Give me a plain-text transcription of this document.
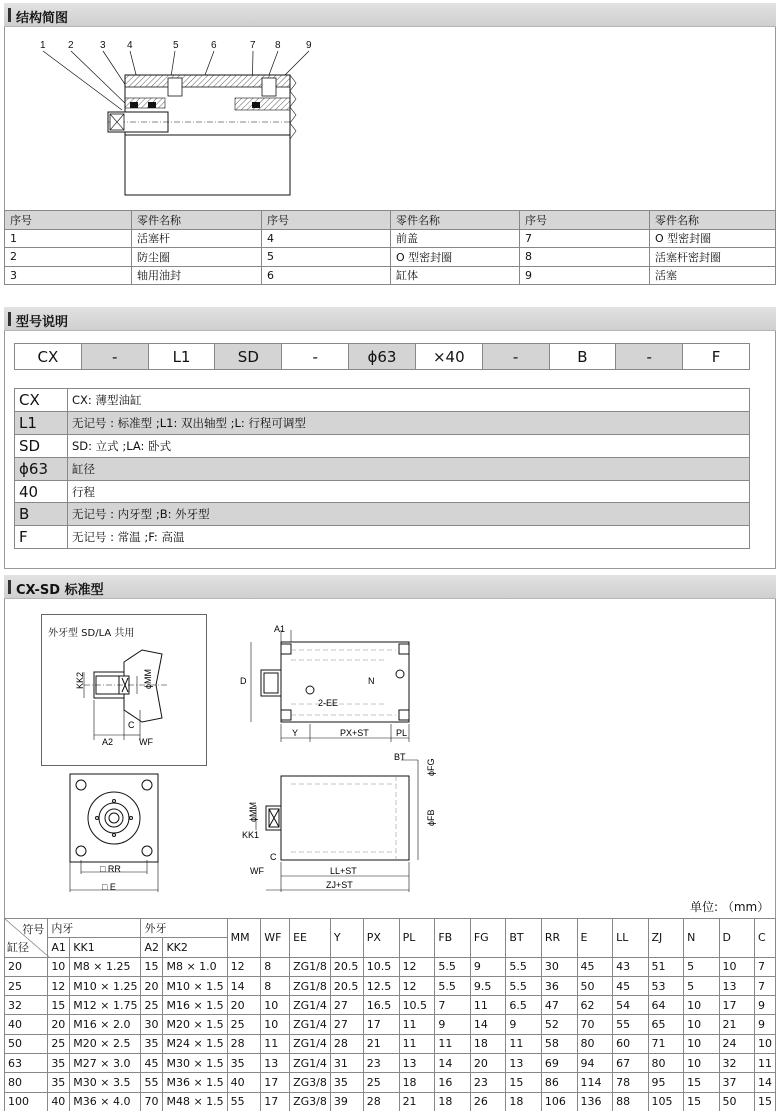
结构简图
1 2	3 4	5	6	7 8	9
序号	零件名称	序号	零件名称	序号	零件名称
1	活塞杆	4	前盖	7	O 型密封圈
2	防尘圈	5	O 型密封圈	8	活塞杆密封圈
3	轴用油封	6	缸体	9	活塞
型号说明
CX	-	L1	SD	-	ϕ63	×40	-	B	-	F
CX	CX: 薄型油缸
L1	无记号 : 标准型 ;L1: 双出轴型 ;L: 行程可调型
SD	SD: 立式 ;LA: 卧式
ϕ63	缸径
40	行程
B	无记号 : 内牙型 ;B: 外牙型
F	无记号 : 常温 ;F: 高温
CX-SD 标准型
外牙型 SD/LA 共用
KK2	ϕMM
C
A2	WF
□ RR
□ E
A1
D	N
2-EE
Y	PX+ST	PL
BT
ϕFG
ϕFB
ϕMM
KK1
C
WF	LL+ST
ZJ+ST
单位: （mm）
符号
缸径	内牙		外牙		MM	WF	EE	Y	PX	PL	FB	FG	BT	RR	E	LL	ZJ	N	D	C
	A1	KK1	A2	KK2																
20	10	M8 × 1.25	15	M8 × 1.0	12	8	ZG1/8	20.5	10.5	12	5.5	9	5.5	30	45	43	51	5	10	7
25	12	M10 × 1.25	20	M10 × 1.5	14	8	ZG1/8	20.5	12.5	12	5.5	9.5	5.5	36	50	45	53	5	13	7
32	15	M12 × 1.75	25	M16 × 1.5	20	10	ZG1/4	27	16.5	10.5	7	11	6.5	47	62	54	64	10	17	9
40	20	M16 × 2.0	30	M20 × 1.5	25	10	ZG1/4	27	17	11	9	14	9	52	70	55	65	10	21	9
50	25	M20 × 2.5	35	M24 × 1.5	28	11	ZG1/4	28	21	11	11	18	11	58	80	60	71	10	24	10
63	35	M27 × 3.0	45	M30 × 1.5	35	13	ZG1/4	31	23	13	14	20	13	69	94	67	80	10	32	11
80	35	M30 × 3.5	55	M36 × 1.5	40	17	ZG3/8	35	25	18	16	23	15	86	114	78	95	15	37	14
100	40	M36 × 4.0	70	M48 × 1.5	55	17	ZG3/8	39	28	21	18	26	18	106	136	88	105	15	50	15
